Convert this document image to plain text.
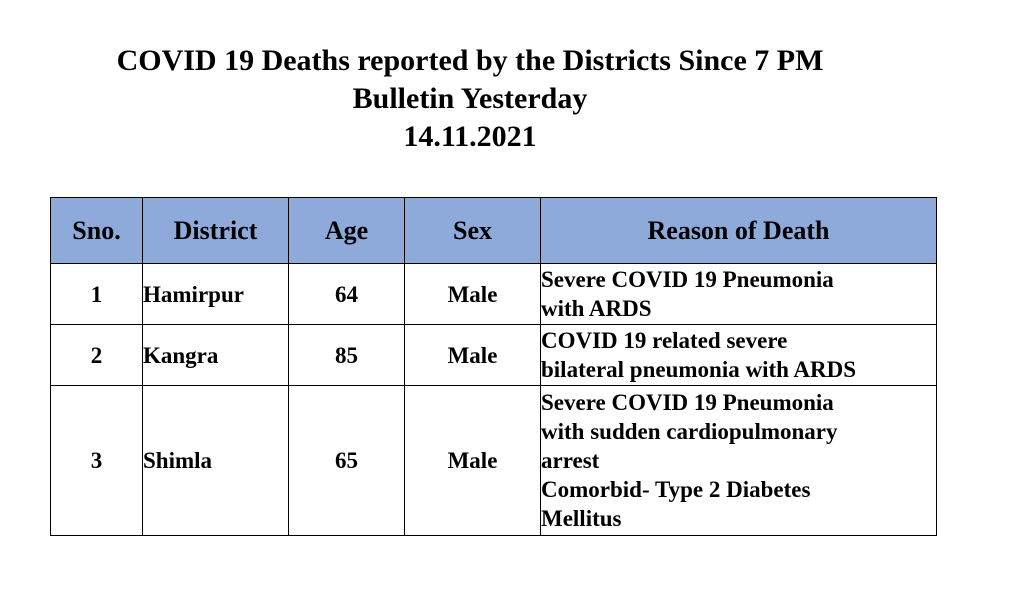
COVID 19 Deaths reported by the Districts Since 7 PM
Bulletin Yesterday
14.11.2021
Sno.	District	Age	Sex	Reason of Death
1	Hamirpur	64	Male	Severe COVID 19 Pneumonia
with ARDS

2	Kangra	85	Male	COVID 19 related severe
bilateral pneumonia with ARDS

3	Shimla	65	Male	Severe COVID 19 Pneumonia
with sudden cardiopulmonary
arrest
Comorbid- Type 2 Diabetes
Mellitus
